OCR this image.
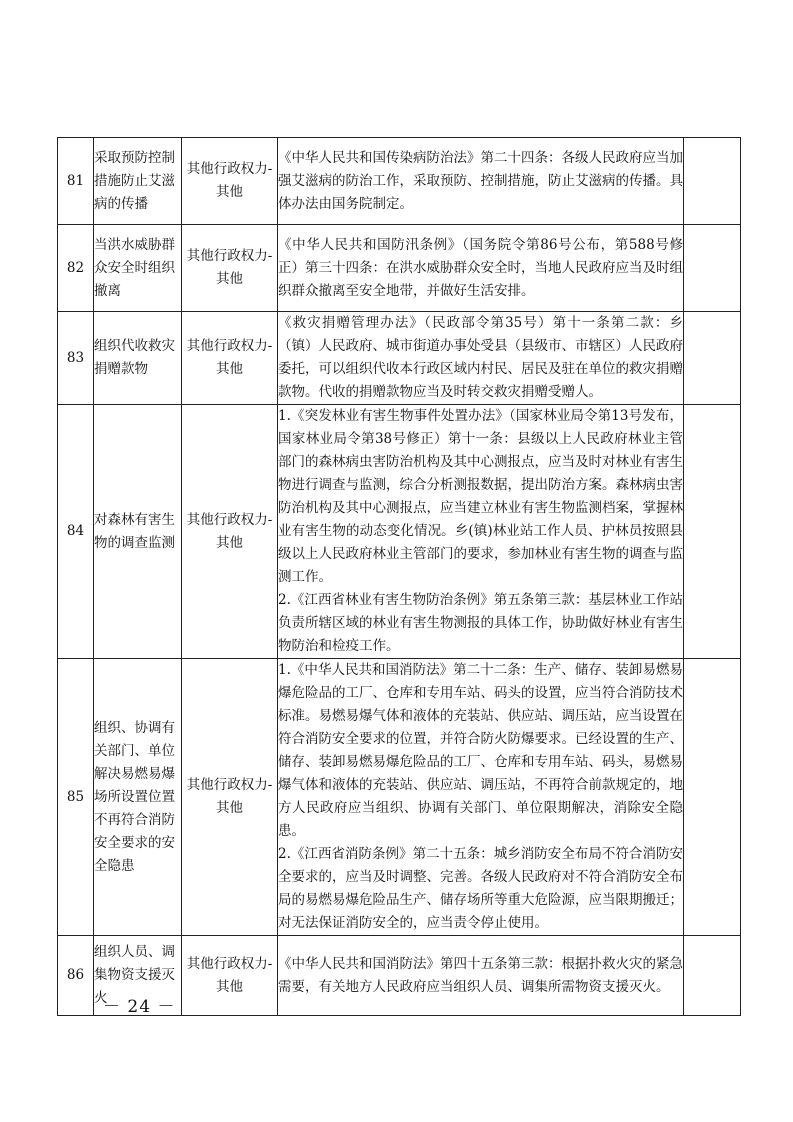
81	采取预防控制措施防止艾滋病的传播	其他行政权力-其他	《中华人民共和国传染病防治法》第二十四条：各级人民政府应当加强艾滋病的防治工作，采取预防、控制措施，防止艾滋病的传播。具体办法由国务院制定。	

82	当洪水威胁群众安全时组织撤离	其他行政权力-其他	《中华人民共和国防汛条例》（国务院令第86号公布，第588号修正）第三十四条：在洪水威胁群众安全时，当地人民政府应当及时组织群众撤离至安全地带，并做好生活安排。	

83	组织代收救灾捐赠款物	其他行政权力-其他	《救灾捐赠管理办法》（民政部令第35号）第十一条第二款：乡（镇）人民政府、城市街道办事处受县（县级市、市辖区）人民政府委托，可以组织代收本行政区域内村民、居民及驻在单位的救灾捐赠款物。代收的捐赠款物应当及时转交救灾捐赠受赠人。	

84	对森林有害生物的调查监测	其他行政权力-其他	1.《突发林业有害生物事件处置办法》（国家林业局令第13号发布，国家林业局令第38号修正）第十一条：县级以上人民政府林业主管部门的森林病虫害防治机构及其中心测报点，应当及时对林业有害生物进行调查与监测，综合分析测报数据，提出防治方案。森林病虫害防治机构及其中心测报点，应当建立林业有害生物监测档案，掌握林业有害生物的动态变化情况。乡(镇)林业站工作人员、护林员按照县级以上人民政府林业主管部门的要求，参加林业有害生物的调查与监测工作。
2.《江西省林业有害生物防治条例》第五条第三款：基层林业工作站负责所辖区域的林业有害生物测报的具体工作，协助做好林业有害生物防治和检疫工作。	

85	组织、协调有关部门、单位解决易燃易爆场所设置位置不再符合消防安全要求的安全隐患	其他行政权力-其他	1.《中华人民共和国消防法》第二十二条：生产、储存、装卸易燃易爆危险品的工厂、仓库和专用车站、码头的设置，应当符合消防技术标准。易燃易爆气体和液体的充装站、供应站、调压站，应当设置在符合消防安全要求的位置，并符合防火防爆要求。已经设置的生产、储存、装卸易燃易爆危险品的工厂、仓库和专用车站、码头，易燃易爆气体和液体的充装站、供应站、调压站，不再符合前款规定的，地方人民政府应当组织、协调有关部门、单位限期解决，消除安全隐患。
2.《江西省消防条例》第二十五条：城乡消防安全布局不符合消防安全要求的，应当及时调整、完善。各级人民政府对不符合消防安全布局的易燃易爆危险品生产、储存场所等重大危险源，应当限期搬迁；对无法保证消防安全的，应当责令停止使用。	

86	组织人员、调集物资支援灭火	其他行政权力-其他	《中华人民共和国消防法》第四十五条第三款：根据扑救火灾的紧急需要，有关地方人民政府应当组织人员、调集所需物资支援灭火。	

－ 24 －
